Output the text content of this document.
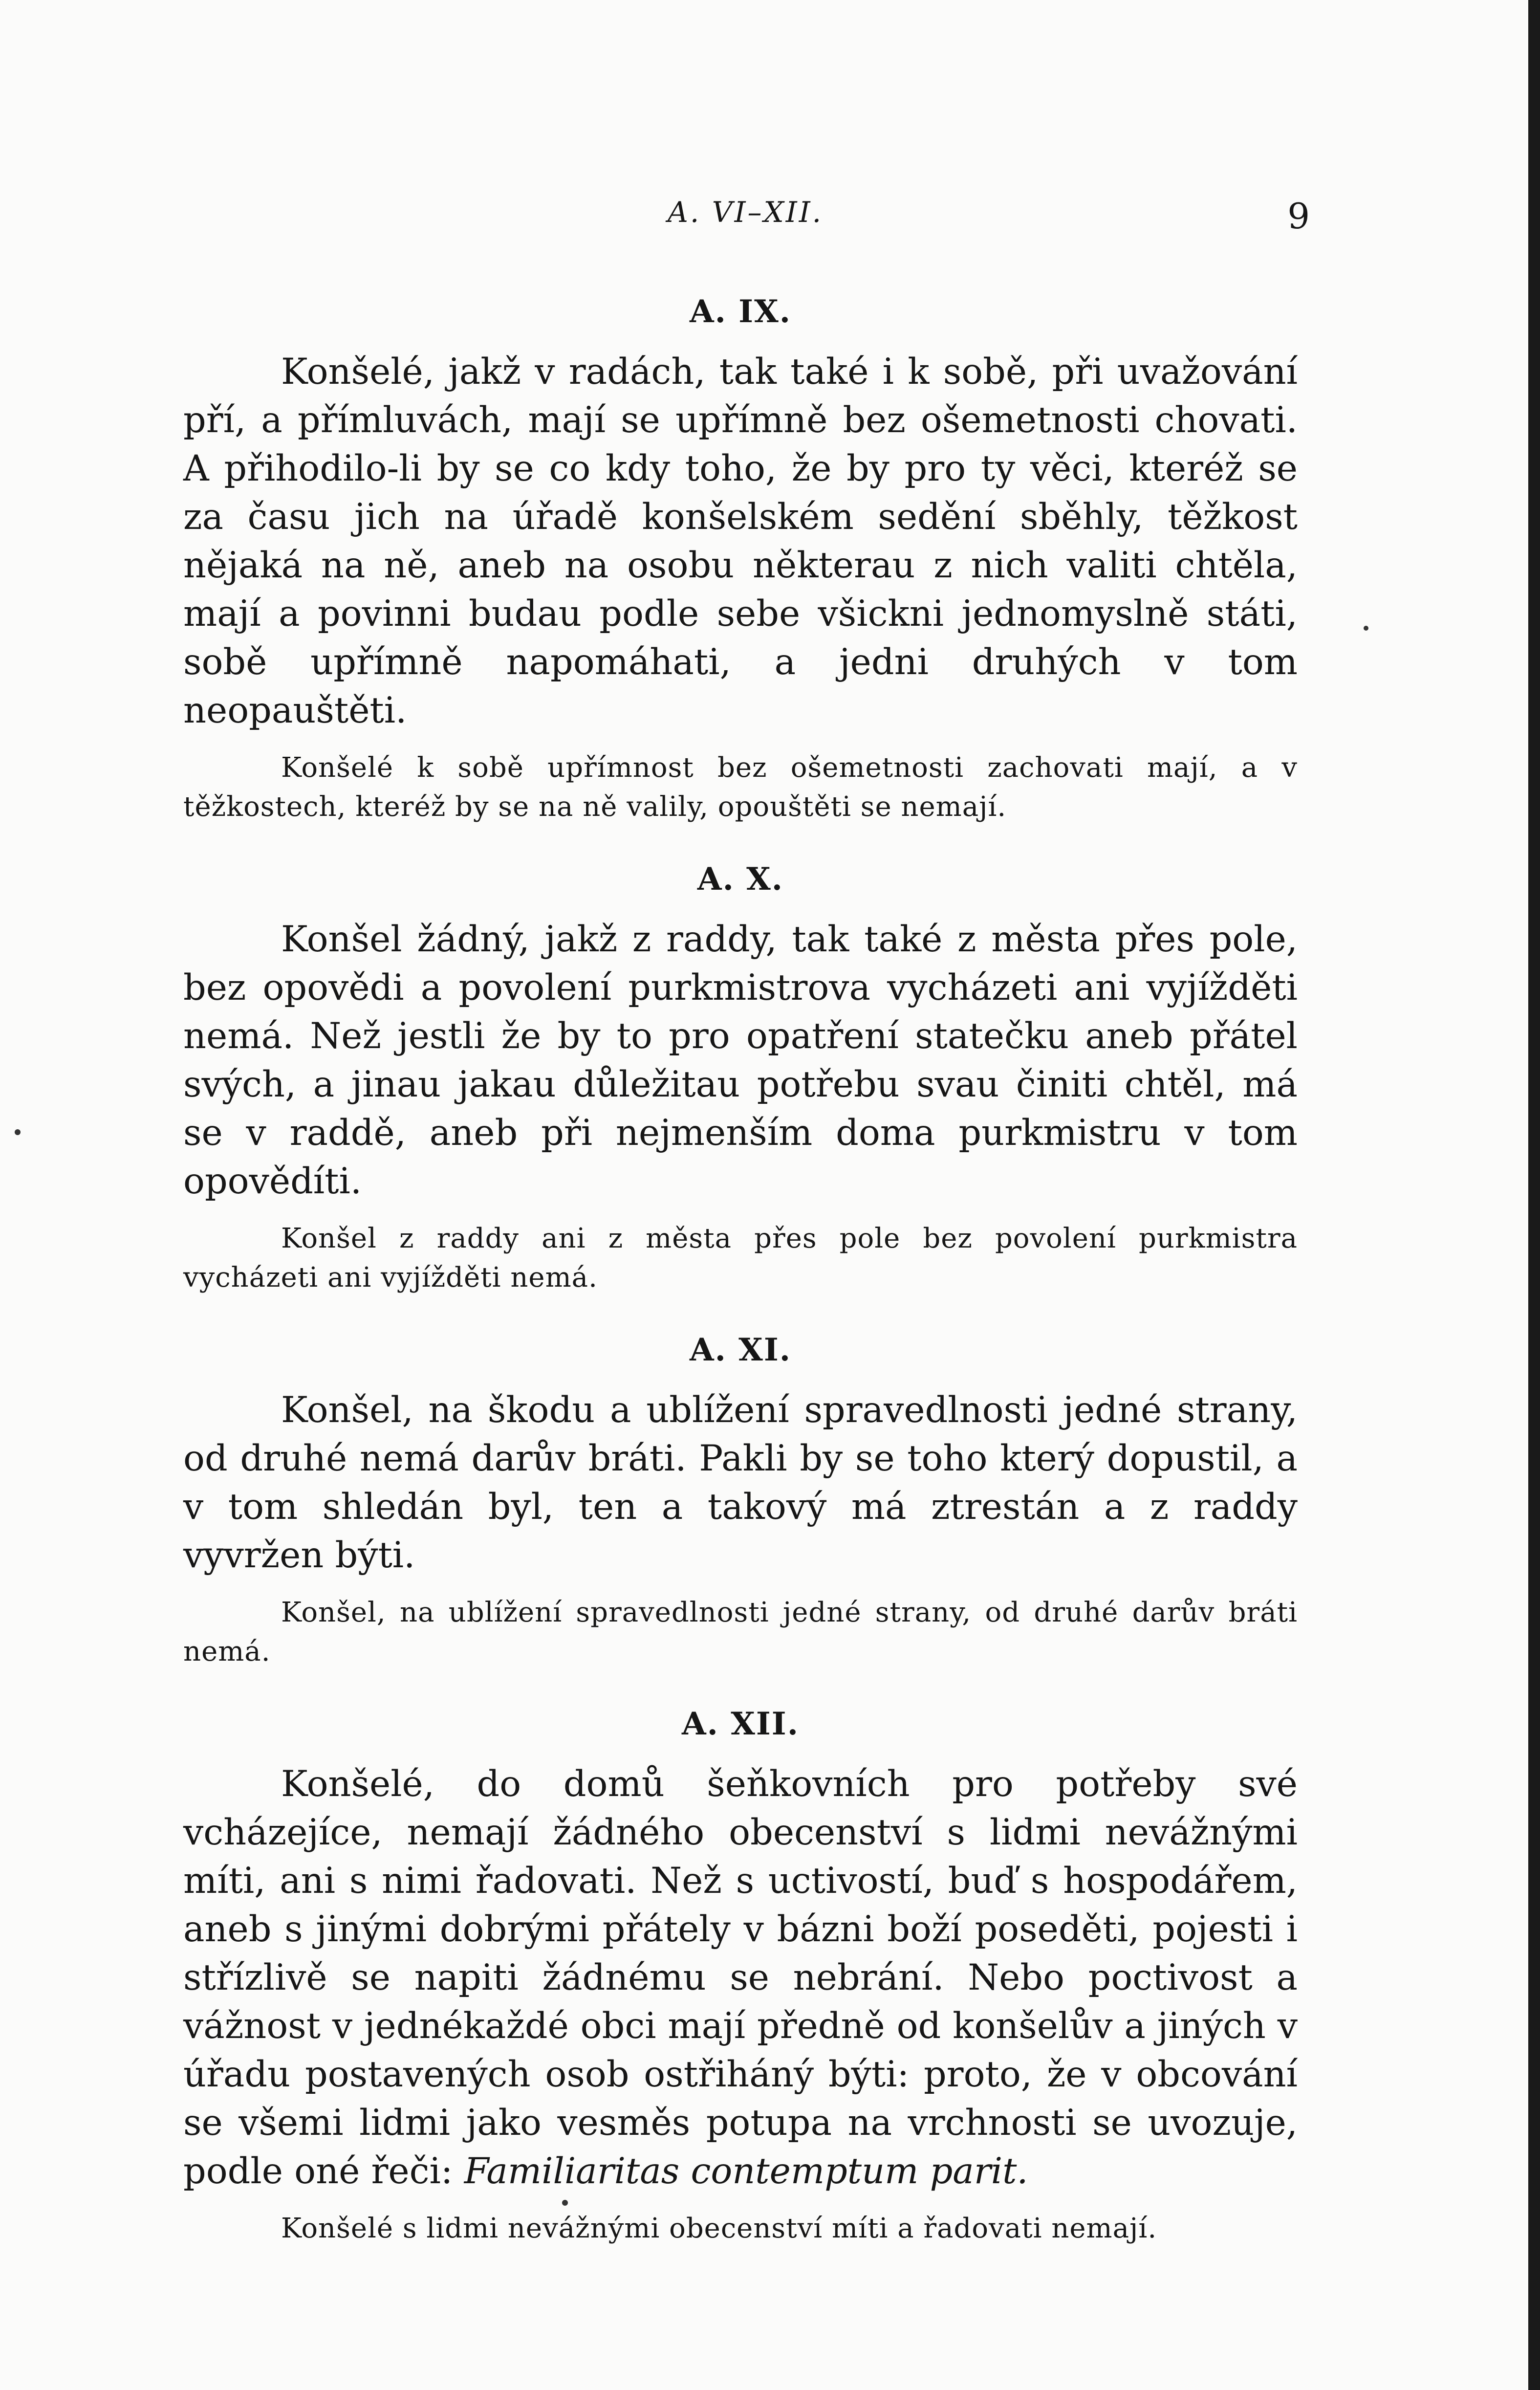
A. VI–XII.	9
A. IX.

Konšelé, jakž v radách, tak také i k sobě, při uvažování pří, a přímluvách, mají se upřímně bez ošemetnosti chovati. A přihodilo-li by se co kdy toho, že by pro ty věci, kteréž se za času jich na úřadě konšelském sedění sběhly, těžkost nějaká na ně, aneb na osobu některau z nich valiti chtěla, mají a povinni budau podle sebe všickni jednomyslně státi, sobě upřímně napomáhati, a jedni druhých v tom neopauštěti.

Konšelé k sobě upřímnost bez ošemetnosti zachovati mají, a v těžkostech, kteréž by se na ně valily, opouštěti se nemají.

A. X.

Konšel žádný, jakž z raddy, tak také z města přes pole, bez opovědi a povolení purkmistrova vycházeti ani vyjížděti nemá. Než jestli že by to pro opatření statečku aneb přátel svých, a jinau jakau důležitau potřebu svau činiti chtěl, má se v raddě, aneb při nejmenším doma purkmistru v tom opovědíti.

Konšel z raddy ani z města přes pole bez povolení purkmistra vycházeti ani vyjížděti nemá.

A. XI.

Konšel, na škodu a ublížení spravedlnosti jedné strany, od druhé nemá darův bráti. Pakli by se toho který dopustil, a v tom shledán byl, ten a takový má ztrestán a z raddy vyvržen býti.

Konšel, na ublížení spravedlnosti jedné strany, od druhé darův bráti nemá.

A. XII.

Konšelé, do domů šeňkovních pro potřeby své vcházejíce, nemají žádného obecenství s lidmi nevážnými míti, ani s nimi řadovati. Než s uctivostí, buď s hospodářem, aneb s jinými dobrými přátely v bázni boží poseděti, pojesti i střízlivě se napiti žádnému se nebrání. Nebo poctivost a vážnost v jednékaždé obci mají předně od konšelův a jiných v úřadu postavených osob ostřiháný býti: proto, že v obcování se všemi lidmi jako vesměs potupa na vrchnosti se uvozuje, podle oné řeči: Familiaritas contemptum parit.

Konšelé s lidmi nevážnými obecenství míti a řadovati nemají.
